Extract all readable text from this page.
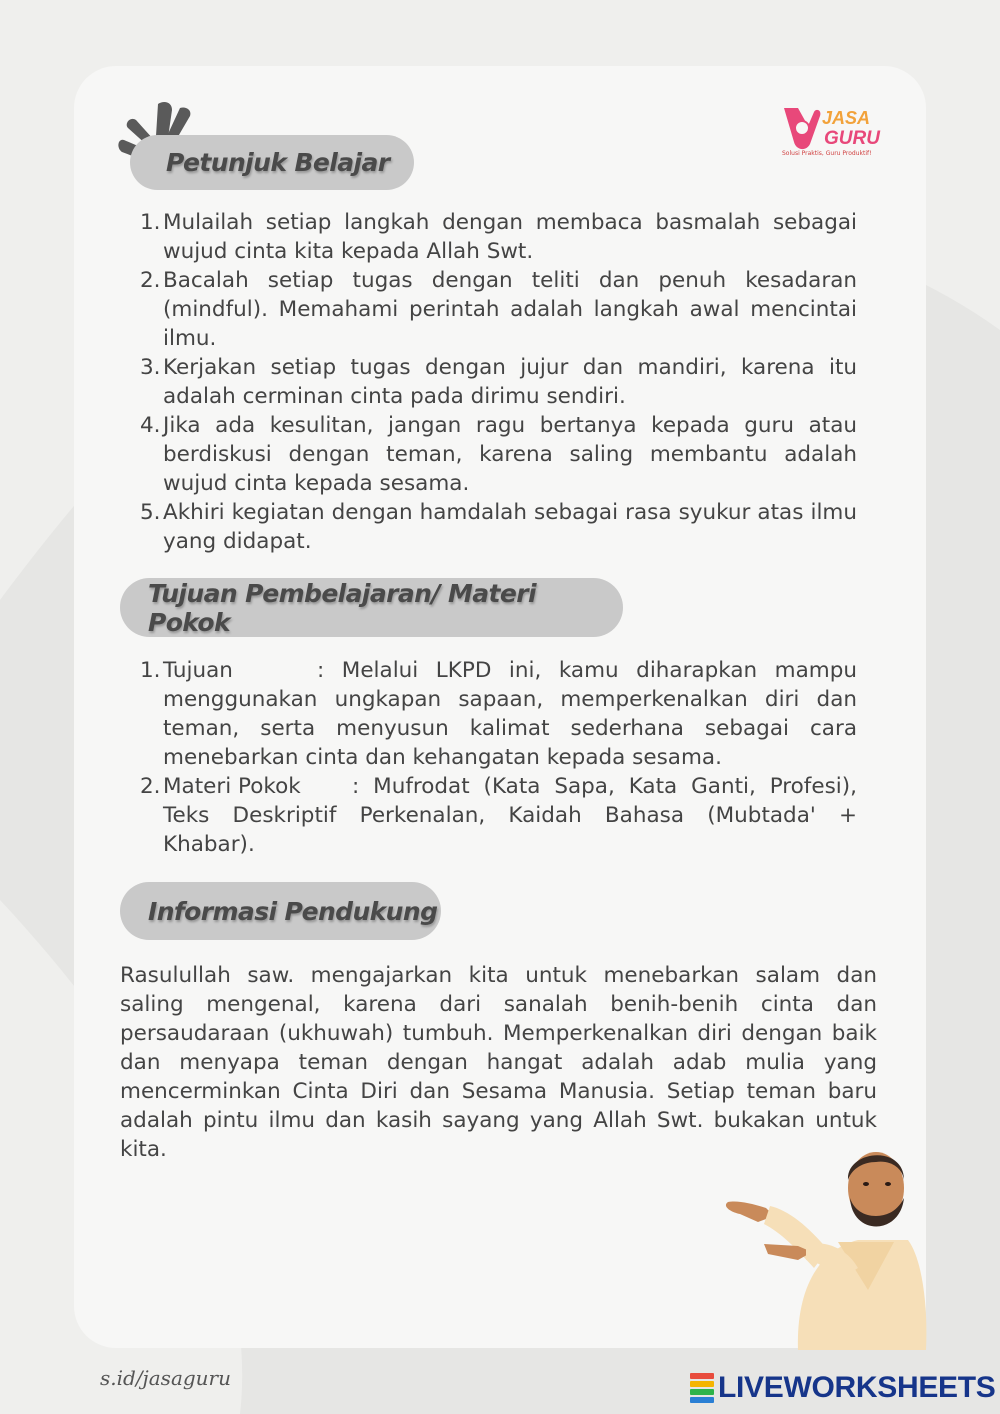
Petunjuk Belajar
JASA
GURU
Solusi Praktis, Guru Produktif!
1. Mulailah setiap langkah dengan membaca basmalah sebagai wujud cinta kita kepada Allah Swt.
2. Bacalah setiap tugas dengan teliti dan penuh kesadaran (mindful). Memahami perintah adalah langkah awal mencintai ilmu.
3. Kerjakan setiap tugas dengan jujur dan mandiri, karena itu adalah cerminan cinta pada dirimu sendiri.
4. Jika ada kesulitan, jangan ragu bertanya kepada guru atau berdiskusi dengan teman, karena saling membantu adalah wujud cinta kepada sesama.
5. Akhiri kegiatan dengan hamdalah sebagai rasa syukur atas ilmu yang didapat.
Tujuan Pembelajaran/ Materi Pokok
1. Tujuan	: Melalui LKPD ini, kamu diharapkan mampu menggunakan ungkapan sapaan, memperkenalkan diri dan teman, serta menyusun kalimat sederhana sebagai cara menebarkan cinta dan kehangatan kepada sesama.
2. Materi Pokok : Mufrodat (Kata Sapa, Kata Ganti, Profesi), Teks Deskriptif Perkenalan, Kaidah Bahasa (Mubtada' + Khabar).
Informasi Pendukung
Rasulullah saw. mengajarkan kita untuk menebarkan salam dan saling mengenal, karena dari sanalah benih-benih cinta dan persaudaraan (ukhuwah) tumbuh. Memperkenalkan diri dengan baik dan menyapa teman dengan hangat adalah adab mulia yang mencerminkan Cinta Diri dan Sesama Manusia. Setiap teman baru adalah pintu ilmu dan kasih sayang yang Allah Swt. bukakan untuk kita.
s.id/jasaguru	LIVEWORKSHEETS
